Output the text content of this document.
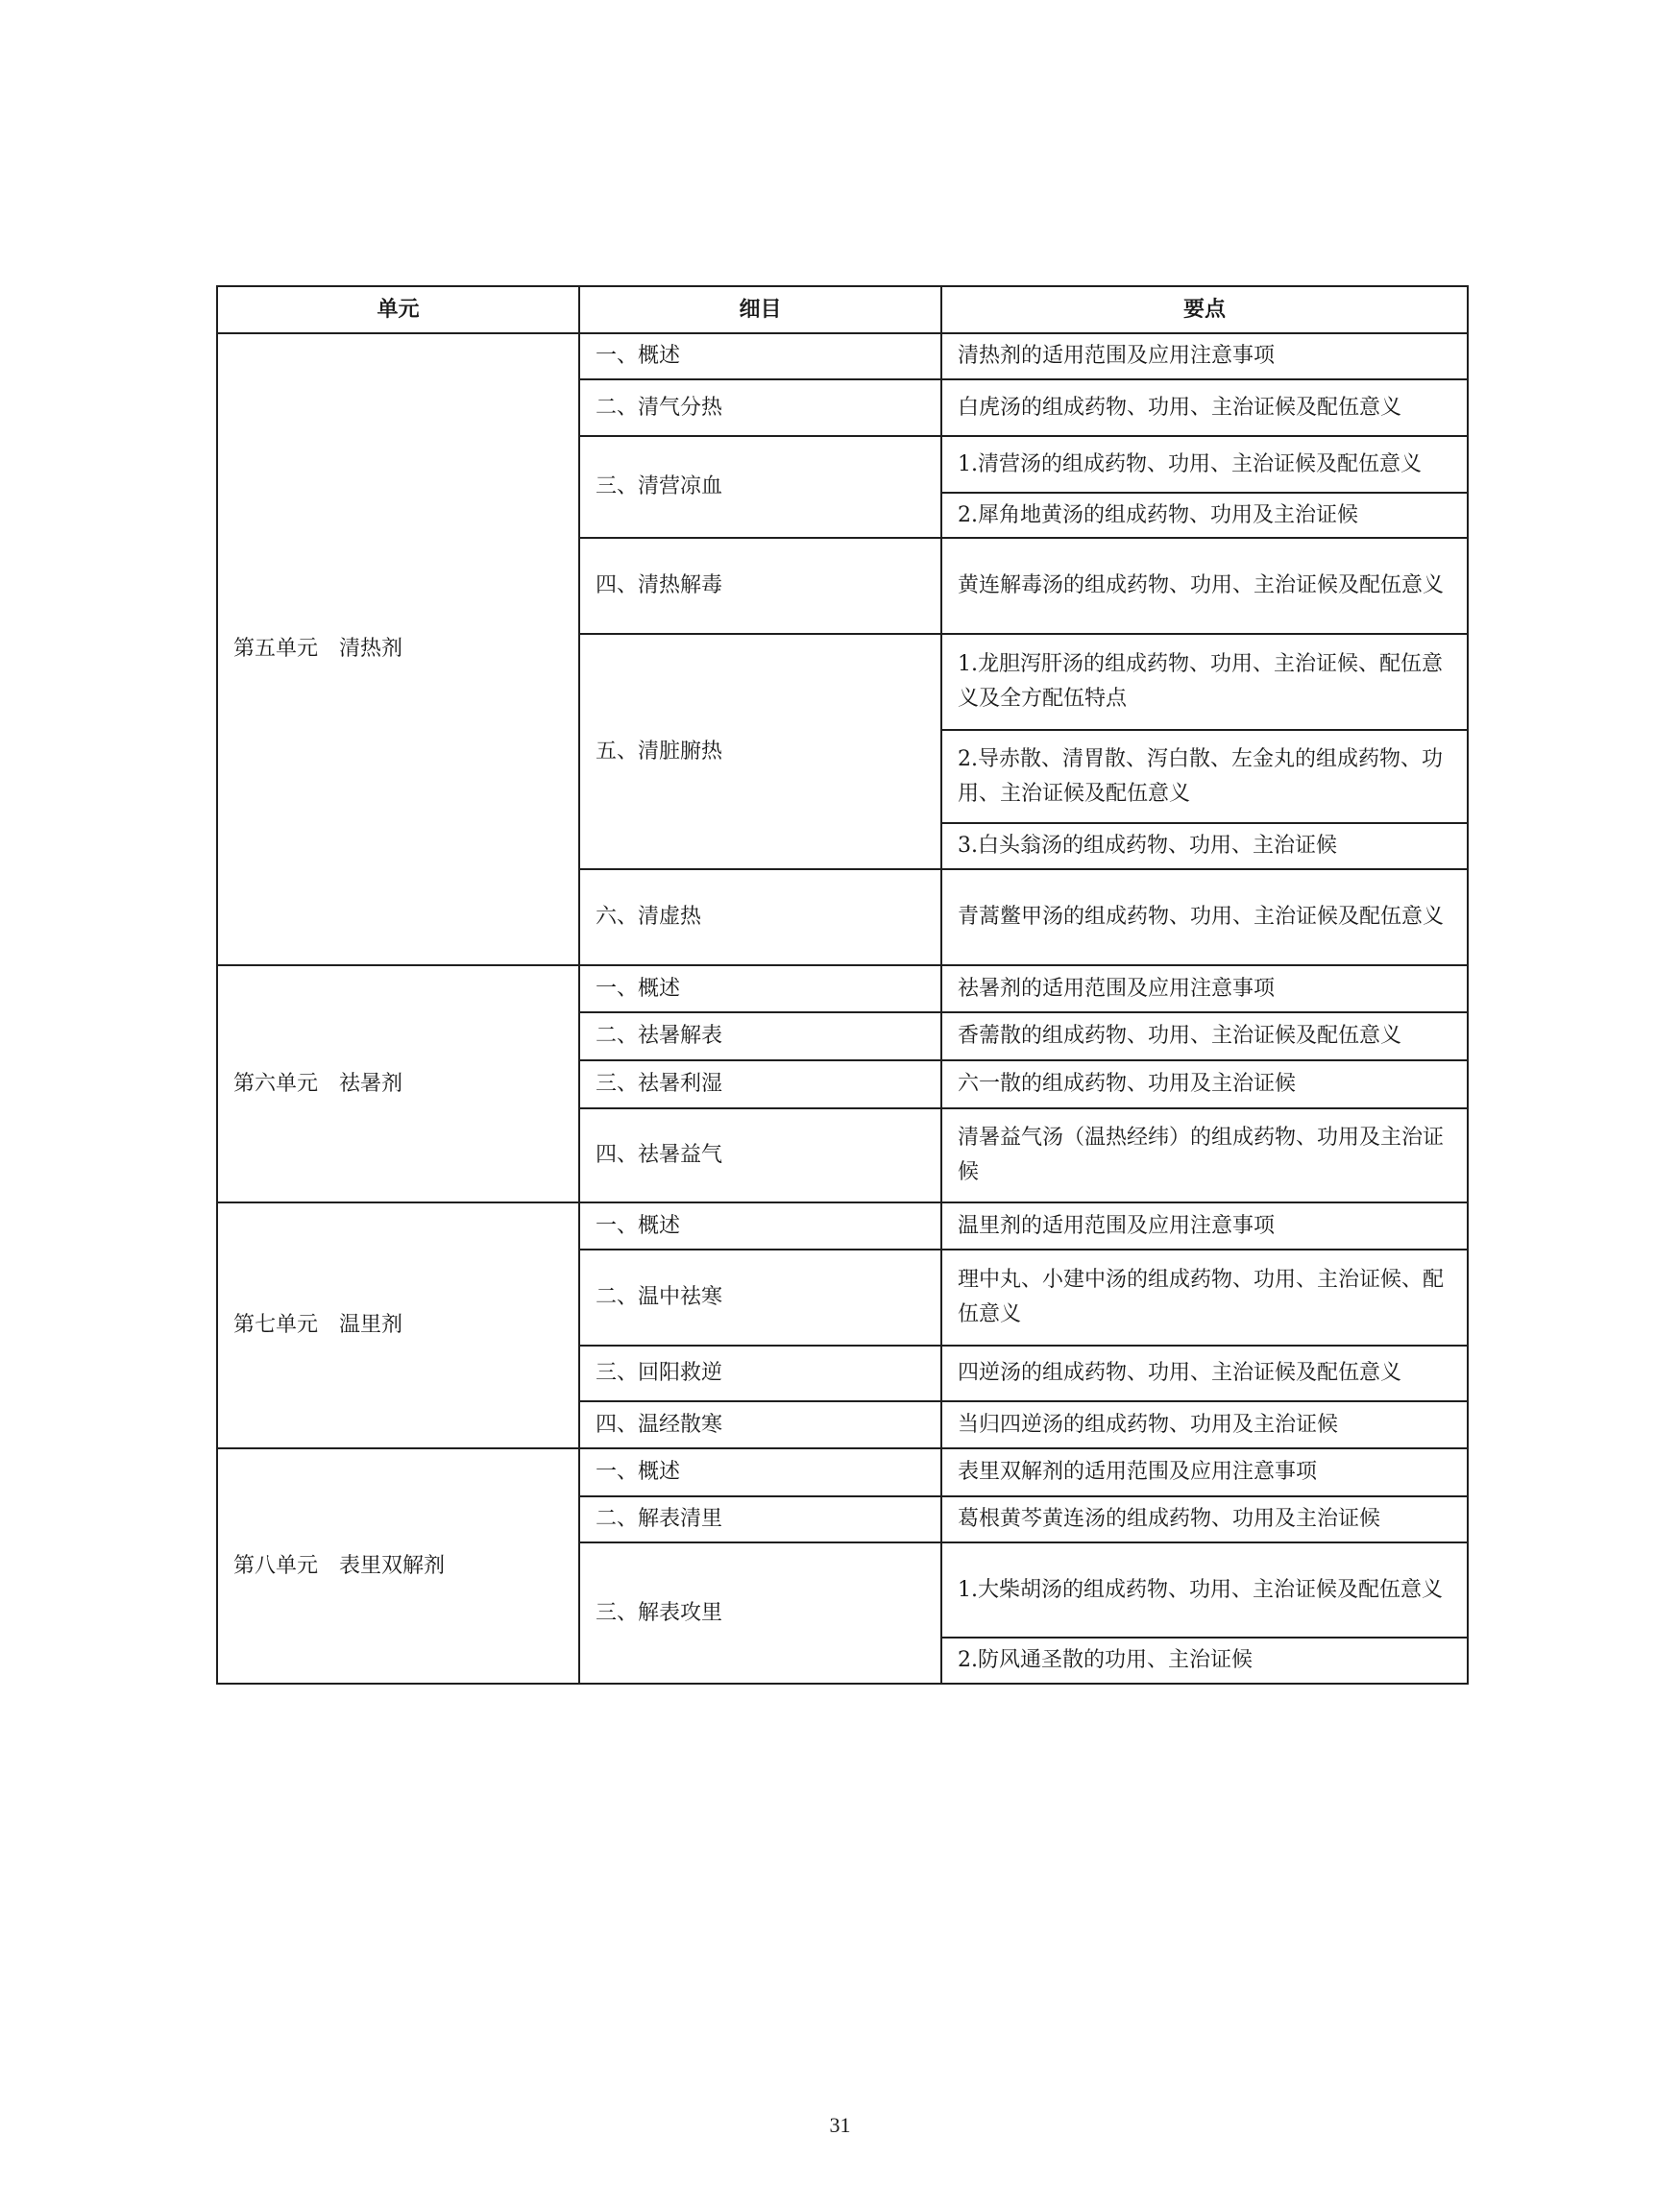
单元	细目	要点
第五单元　清热剂	一、概述	清热剂的适用范围及应用注意事项
	二、清气分热	白虎汤的组成药物、功用、主治证候及配伍意义
	三、清营凉血	1.清营汤的组成药物、功用、主治证候及配伍意义
		2.犀角地黄汤的组成药物、功用及主治证候
	四、清热解毒	黄连解毒汤的组成药物、功用、主治证候及配伍意义
	五、清脏腑热	1.龙胆泻肝汤的组成药物、功用、主治证候、配伍意义及全方配伍特点
		2.导赤散、清胃散、泻白散、左金丸的组成药物、功用、主治证候及配伍意义
		3.白头翁汤的组成药物、功用、主治证候
	六、清虚热	青蒿鳖甲汤的组成药物、功用、主治证候及配伍意义
第六单元　祛暑剂	一、概述	祛暑剂的适用范围及应用注意事项
	二、祛暑解表	香薷散的组成药物、功用、主治证候及配伍意义
	三、祛暑利湿	六一散的组成药物、功用及主治证候
	四、祛暑益气	清暑益气汤（温热经纬）的组成药物、功用及主治证候
第七单元　温里剂	一、概述	温里剂的适用范围及应用注意事项
	二、温中祛寒	理中丸、小建中汤的组成药物、功用、主治证候、配伍意义
	三、回阳救逆	四逆汤的组成药物、功用、主治证候及配伍意义
	四、温经散寒	当归四逆汤的组成药物、功用及主治证候
第八单元　表里双解剂	一、概述	表里双解剂的适用范围及应用注意事项
	二、解表清里	葛根黄芩黄连汤的组成药物、功用及主治证候
	三、解表攻里	1.大柴胡汤的组成药物、功用、主治证候及配伍意义
		2.防风通圣散的功用、主治证候
31
